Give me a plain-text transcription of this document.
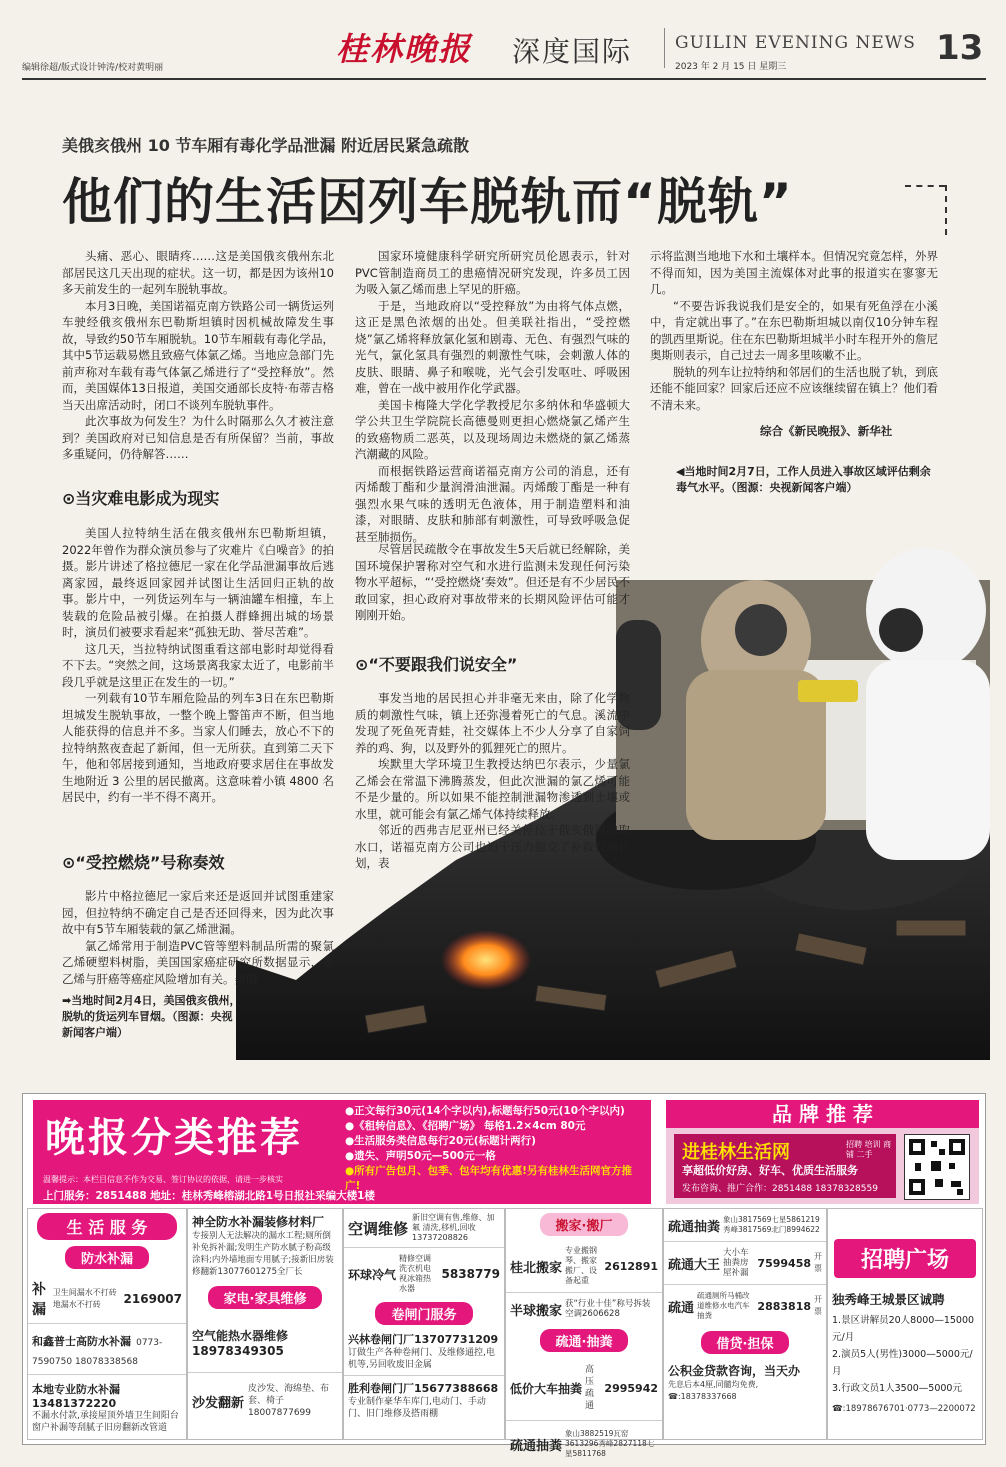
编辑徐超/版式设计钟涛/校对黄明丽	桂林晚报 深度国际	GUILIN EVENING NEWS
2023 年 2 月 15 日 星期三	13
美俄亥俄州 10 节车厢有毒化学品泄漏 附近居民紧急疏散
他们的生活因列车脱轨而“脱轨”

头痛、恶心、眼睛疼……这是美国俄亥俄州东北部居民这几天出现的症状。这一切，都是因为该州10多天前发生的一起列车脱轨事故。

本月3日晚，美国诺福克南方铁路公司一辆货运列车驶经俄亥俄州东巴勒斯坦镇时因机械故障发生事故，导致约50节车厢脱轨。10节车厢载有毒化学品，其中5节运载易燃且致癌气体氯乙烯。当地应急部门先前声称对车载有毒气体氯乙烯进行了“受控释放”。然而，美国媒体13日报道，美国交通部长皮特·布蒂吉格当天出席活动时，闭口不谈列车脱轨事件。

此次事故为何发生？为什么时隔那么久才被注意到？美国政府对已知信息是否有所保留？当前，事故多重疑问，仍待解答……

⊙当灾难电影成为现实

美国人拉特纳生活在俄亥俄州东巴勒斯坦镇，2022年曾作为群众演员参与了灾难片《白噪音》的拍摄。影片讲述了格拉德尼一家在化学品泄漏事故后逃离家园，最终返回家园并试图让生活回归正轨的故事。影片中，一列货运列车与一辆油罐车相撞，车上装载的危险品被引爆。在拍摄人群蜂拥出城的场景时，演员们被要求看起来“孤独无助、誉尽苦难”。

这几天，当拉特纳试图重看这部电影时却觉得看不下去。“突然之间，这场景离我家太近了，电影前半段几乎就是这里正在发生的一切。”

一列载有10节车厢危险品的列车3日在东巴勒斯坦城发生脱轨事故，一整个晚上警笛声不断，但当地人能获得的信息并不多。当家人们睡去，放心不下的拉特纳熬夜查起了新闻，但一无所获。直到第二天下午，他和邻居接到通知，当地政府要求居住在事故发生地附近 3 公里的居民撤离。这意味着小镇 4800 名居民中，约有一半不得不离开。

⊙“受控燃烧”号称奏效

影片中格拉德尼一家后来还是返回并试图重建家园，但拉特纳不确定自己是否还回得来，因为此次事故中有5节车厢装载的氯乙烯泄漏。

氯乙烯常用于制造PVC管等塑料制品所需的聚氯乙烯硬塑料树脂，美国国家癌症研究所数据显示，氯乙烯与肝癌等癌症风险增加有关。美国

➡当地时间2月4日，美国俄亥俄州，脱轨的货运列车冒烟。（图源：央视新闻客户端）

国家环境健康科学研究所研究员伦恩表示，针对PVC管制造商员工的患癌情况研究发现，许多员工因为吸入氯乙烯而患上罕见的肝癌。

于是，当地政府以“受控释放”为由将气体点燃，这正是黑色浓烟的出处。但美联社指出，“受控燃烧”氯乙烯将释放氯化氢和剧毒、无色、有强烈气味的光气，氯化氢具有强烈的刺激性气味，会刺激人体的皮肤、眼睛、鼻子和喉咙，光气会引发呕吐、呼吸困难，曾在一战中被用作化学武器。

美国卡梅隆大学化学教授尼尔多纳休和华盛顿大学公共卫生学院院长高德曼则更担心燃烧氯乙烯产生的致癌物质二恶英，以及现场周边未燃烧的氯乙烯蒸汽潮藏的风险。

而根据铁路运营商诺福克南方公司的消息，还有丙烯酸丁酯和少量润滑油泄漏。丙烯酸丁酯是一种有强烈水果气味的透明无色液体，用于制造塑料和油漆，对眼睛、皮肤和肺部有刺激性，可导致呼吸急促甚至肺损伤。

尽管居民疏散令在事故发生5天后就已经解除，美国环境保护署称对空气和水进行监测未发现任何污染物水平超标，“‘受控燃烧’奏效”。但还是有不少居民不敢回家，担心政府对事故带来的长期风险评估可能才刚刚开始。

⊙“不要跟我们说安全”

事发当地的居民担心并非毫无来由，除了化学物质的刺激性气味，镇上还弥漫着死亡的气息。溪流中发现了死鱼死青蛙，社交媒体上不少人分享了自家饲养的鸡、狗，以及野外的狐狸死亡的照片。

埃默里大学环境卫生教授达纳巴尔表示，少量氯乙烯会在常温下沸腾蒸发，但此次泄漏的氯乙烯可能不是少量的。所以如果不能控制泄漏物渗透到土壤或水里，就可能会有氯乙烯气体持续释放。

邻近的西弗吉尼亚州已经关停位于俄亥俄河的取水口，诺福克南方公司也迫于压力提交了补救行动计划，表

示将监测当地地下水和土壤样本。但情况究竟怎样，外界不得而知，因为美国主流媒体对此事的报道实在寥寥无几。

“不要告诉我说我们是安全的，如果有死鱼浮在小溪中，肯定就出事了。”在东巴勒斯坦城以南仅10分钟车程的凯西里斯说。住在东巴勒斯坦城半小时车程开外的詹尼奥斯则表示，自己过去一周多里咳嗽不止。

脱轨的列车让拉特纳和邻居们的生活也脱了轨，到底还能不能回家？回家后还应不应该继续留在镇上？他们看不清未来。

综合《新民晚报》、新华社
◀当地时间2月7日，工作人员进入事故区域评估剩余毒气水平。（图源：央视新闻客户端）
晚报分类推荐
●正文每行30元(14个字以内),标题每行50元(10个字以内)
●《租转信息》、《招聘广场》 每格1.2×4cm 80元
●生活服务类信息每行20元(标题计两行)
●遗失、声明50元—500元一格
●所有广告包月、包季、包年均有优惠!另有桂林生活网官方推广!
温馨提示：本栏目信息不作为交易、签订协议的依据，请进一步核实
上门服务：2851488 地址：桂林秀峰榕湖北路1号日报社采编大楼1楼
品 牌 推 荐
进桂林生活网	招聘 培训 商铺 二手
享超低价好房、好车、优质生活服务
发布咨询、推广合作：2851488 18378328559
生 活 服 务
防水补漏
补漏
卫生间漏水不打砖地漏水不打砖	2169007
和鑫普士高防水补漏 0773-7590750 18078338568
本地专业防水补漏13481372220
不漏水付款,承接屋顶外墙卫生间阳台窗户补漏等刮腻子旧房翻新改管道
神全防水补漏装修材料厂
专接别人无法解决的漏水工程;厕所倒补免拆补漏;发明生产防水腻子粉高级涂料;内外墙地面专用腻子;接新旧房装修翻新13077601275全厂长
家电·家具维修
空气能热水器维修18978349305
沙发翻新
皮沙发、海绵垫、布套、椅子18007877699
空调维修
新旧空调有售,维修、加氟 清洗,移机,回收13737208826
环球冷气
精修空调洗衣机电视冰箱热水器
5838779
卷闸门服务
兴林卷闸门厂13707731209
订做生产各种卷闸门、及维修通控,电机等,另回收废旧金属
胜利卷闸门厂15677388668
专业制作豪华车库门,电动门、手动门、旧门维修及搭雨棚
搬家·搬厂
桂北搬家
专业搬钢琴、搬家搬厂、设备起重
2612891
半球搬家 获“行业十佳”称号拆装空调2606628
疏通·抽粪
低价大车抽粪
高压疏通
2995942
疏通抽粪
象山3882519瓦窑3613296秀峰2827118七星5811768
疏通抽粪 象山3817569七星5861219秀峰3817569北门8994622
疏通大王
大小车抽粪房屋补漏
7599458 开票
疏通
疏通厕所马桶改道维修水电汽车抽粪
2883818 开票
借贷·担保
公积金贷款咨询，当天办
先息后本4厘,同髓均免费, ☎:18378337668
招聘广场
独秀峰王城景区诚聘
1.景区讲解员20人8000—15000元/月
2.演员5人(男性)3000—5000元/月
3.行政文员1人3500—5000元
☎:18978676701·0773—2200072
